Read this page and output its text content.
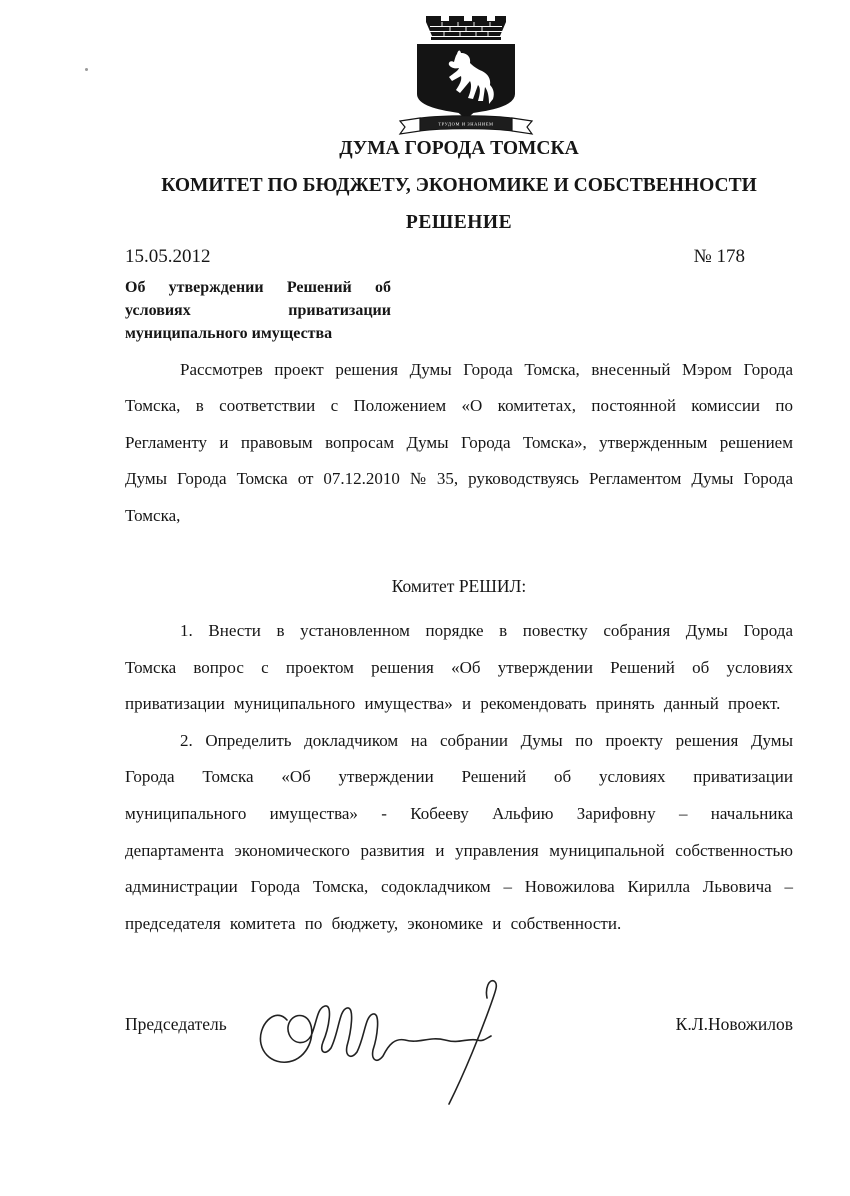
ТРУДОМ И ЗНАНИЕМ
ДУМА ГОРОДА ТОМСКА
КОМИТЕТ ПО БЮДЖЕТУ, ЭКОНОМИКЕ И СОБСТВЕННОСТИ
РЕШЕНИЕ
15.05.2012	№ 178
Об утверждении Решений об условиях приватизации муниципального имущества

Рассмотрев проект решения Думы Города Томска, внесенный Мэром Города Томска, в соответствии с Положением «О комитетах, постоянной комиссии по Регламенту и правовым вопросам Думы Города Томска», утвержденным решением Думы Города Томска от 07.12.2010 № 35, руководствуясь Регламентом Думы Города Томска,

Комитет РЕШИЛ:

1. Внести в установленном порядке в повестку собрания Думы Города Томска вопрос с проектом решения «Об утверждении Решений об условиях приватизации муниципального имущества» и рекомендовать принять данный проект.

2. Определить докладчиком на собрании Думы по проекту решения Думы Города Томска «Об утверждении Решений об условиях приватизации муниципального имущества» - Кобееву Альфию Зарифовну – начальника департамента экономического развития и управления муниципальной собственностью администрации Города Томска, содокладчиком – Новожилова Кирилла Львовича – председателя комитета по бюджету, экономике и собственности.

Председатель	К.Л.Новожилов
